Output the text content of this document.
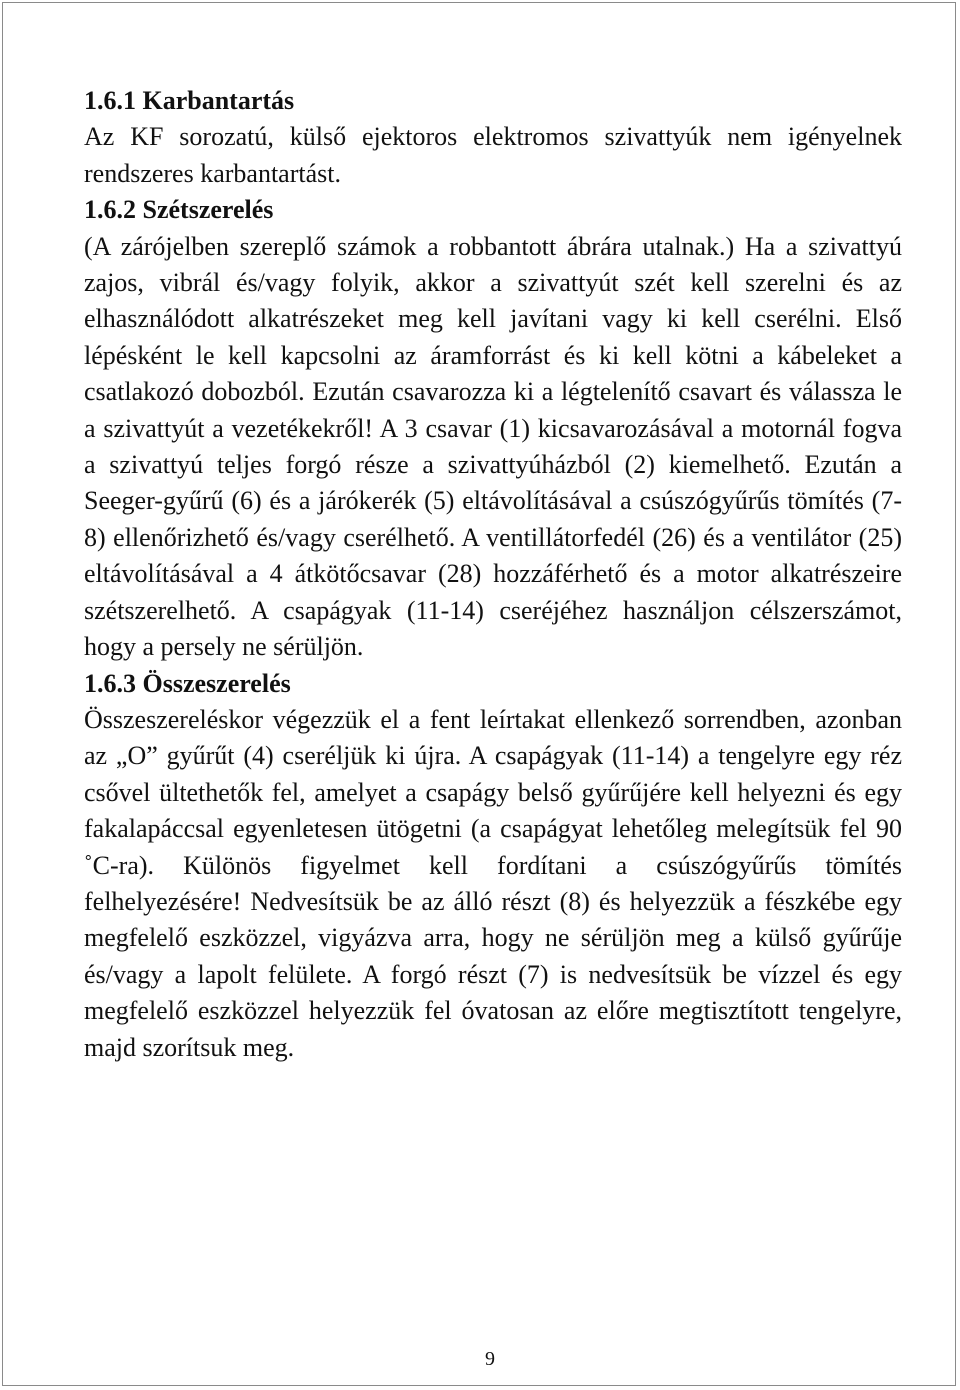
1.6.1 Karbantartás

Az KF sorozatú, külső ejektoros elektromos szivattyúk nem igényelnek rendszeres karbantartást.

1.6.2 Szétszerelés

(A zárójelben szereplő számok a robbantott ábrára utalnak.) Ha a szivattyú zajos, vibrál és/vagy folyik, akkor a szivattyút szét kell szerelni és az elhasználódott alkatrészeket meg kell javítani vagy ki kell cserélni. Első lépésként le kell kapcsolni az áramforrást és ki kell kötni a kábeleket a csatlakozó dobozból. Ezután csavarozza ki a légtelenítő csavart és válassza le a szivattyút a vezetékekről! A 3 csavar (1) kicsavarozásával a motornál fogva a szivattyú teljes forgó része a szivattyúházból (2) kiemelhető. Ezután a Seeger-gyűrű (6) és a járókerék (5) eltávolításával a csúszógyűrűs tömítés (7-8) ellenőrizhető és/vagy cserélhető. A ventillátorfedél (26) és a ventilátor (25) eltávolításával a 4 átkötőcsavar (28) hozzáférhető és a motor alkatrészeire szétszerelhető. A csapágyak (11-14) cseréjéhez használjon célszerszámot, hogy a persely ne sérüljön.

1.6.3 Összeszerelés

Összeszereléskor végezzük el a fent leírtakat ellenkező sorrendben, azonban az „O” gyűrűt (4) cseréljük ki újra. A csapágyak (11-14) a tengelyre egy réz csővel ültethetők fel, amelyet a csapágy belső gyűrűjére kell helyezni és egy fakalapáccsal egyenletesen ütögetni (a csapágyat lehetőleg melegítsük fel 90 ˚C-ra). Különös figyelmet kell fordítani a csúszógyűrűs tömítés felhelyezésére! Nedvesítsük be az álló részt (8) és helyezzük a fészkébe egy megfelelő eszközzel, vigyázva arra, hogy ne sérüljön meg a külső gyűrűje és/vagy a lapolt felülete. A forgó részt (7) is nedvesítsük be vízzel és egy megfelelő eszközzel helyezzük fel óvatosan az előre megtisztított tengelyre, majd szorítsuk meg.

9
